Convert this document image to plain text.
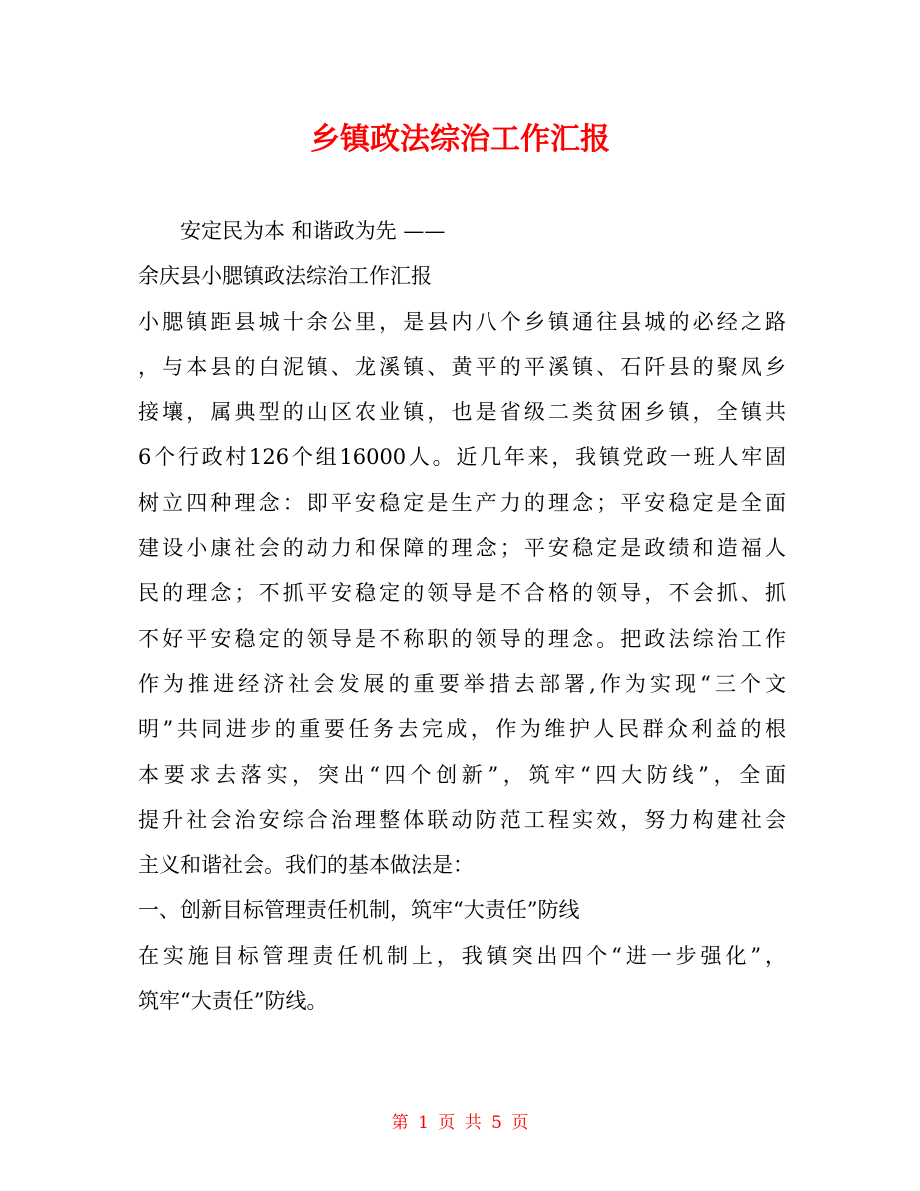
乡镇政法综治工作汇报
安定民为本 和谐政为先 ——
余庆县小腮镇政法综治工作汇报
小腮镇距县城十余公里，是县内八个乡镇通往县城的必经之路
，与本县的白泥镇、龙溪镇、黄平的平溪镇、石阡县的聚凤乡
接壤，属典型的山区农业镇，也是省级二类贫困乡镇，全镇共
6个行政村126个组16000人。近几年来，我镇党政一班人牢固
树立四种理念：即平安稳定是生产力的理念；平安稳定是全面
建设小康社会的动力和保障的理念；平安稳定是政绩和造福人
民的理念；不抓平安稳定的领导是不合格的领导，不会抓、抓
不好平安稳定的领导是不称职的领导的理念。把政法综治工作
作为推进经济社会发展的重要举措去部署,作为实现“三个文
明”共同进步的重要任务去完成，作为维护人民群众利益的根
本要求去落实，突出“四个创新”，筑牢“四大防线”，全面
提升社会治安综合治理整体联动防范工程实效，努力构建社会
主义和谐社会。我们的基本做法是：
一、创新目标管理责任机制，筑牢“大责任”防线
在实施目标管理责任机制上，我镇突出四个“进一步强化”，
筑牢“大责任”防线。
第 1 页 共 5 页
